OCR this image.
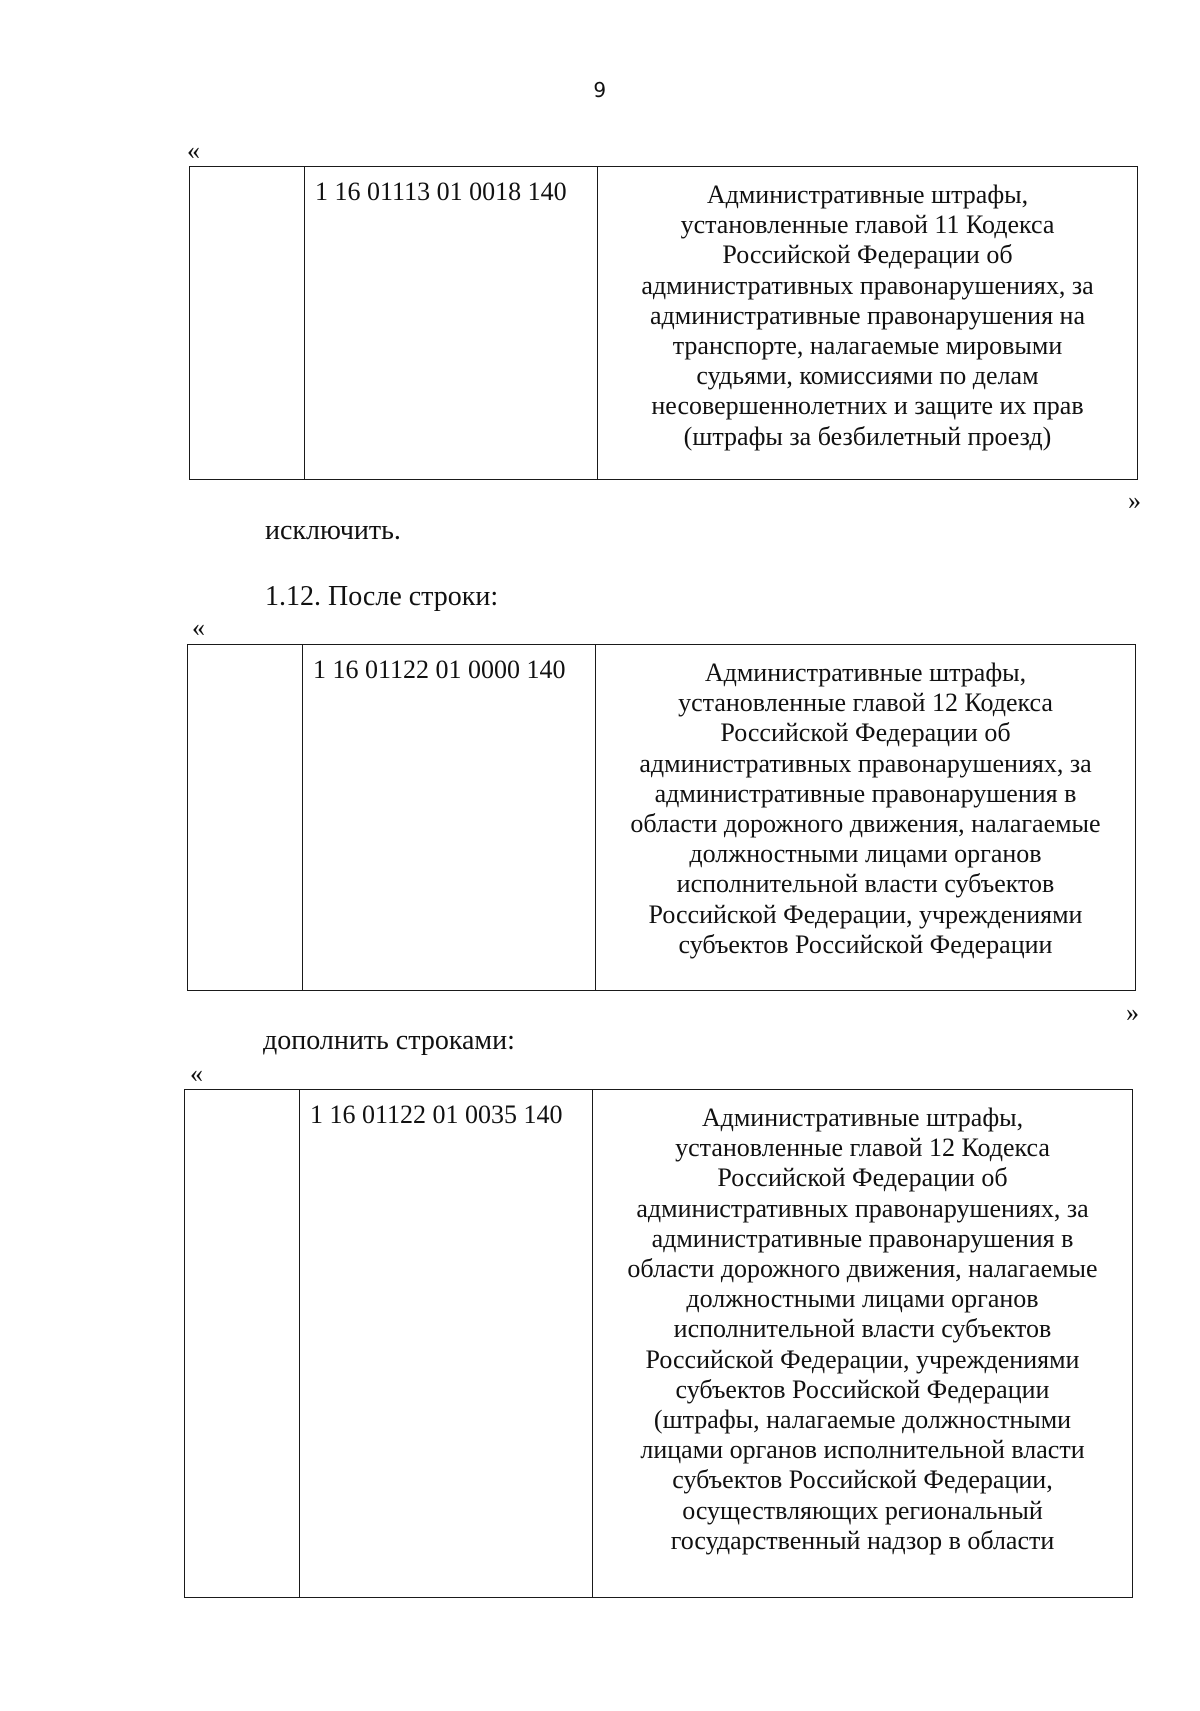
9
«
	1 16 01113 01 0018 140	Административные штрафы,
установленные главой 11 Кодекса
Российской Федерации об
административных правонарушениях, за
административные правонарушения на
транспорте, налагаемые мировыми
судьями, комиссиями по делам
несовершеннолетних и защите их прав
(штрафы за безбилетный проезд)
»
исключить.
1.12. После строки:
«
	1 16 01122 01 0000 140	Административные штрафы,
установленные главой 12 Кодекса
Российской Федерации об
административных правонарушениях, за
административные правонарушения в
области дорожного движения, налагаемые
должностными лицами органов
исполнительной власти субъектов
Российской Федерации, учреждениями
субъектов Российской Федерации
»
дополнить строками:
«
	1 16 01122 01 0035 140	Административные штрафы,
установленные главой 12 Кодекса
Российской Федерации об
административных правонарушениях, за
административные правонарушения в
области дорожного движения, налагаемые
должностными лицами органов
исполнительной власти субъектов
Российской Федерации, учреждениями
субъектов Российской Федерации
(штрафы, налагаемые должностными
лицами органов исполнительной власти
субъектов Российской Федерации,
осуществляющих региональный
государственный надзор в области
